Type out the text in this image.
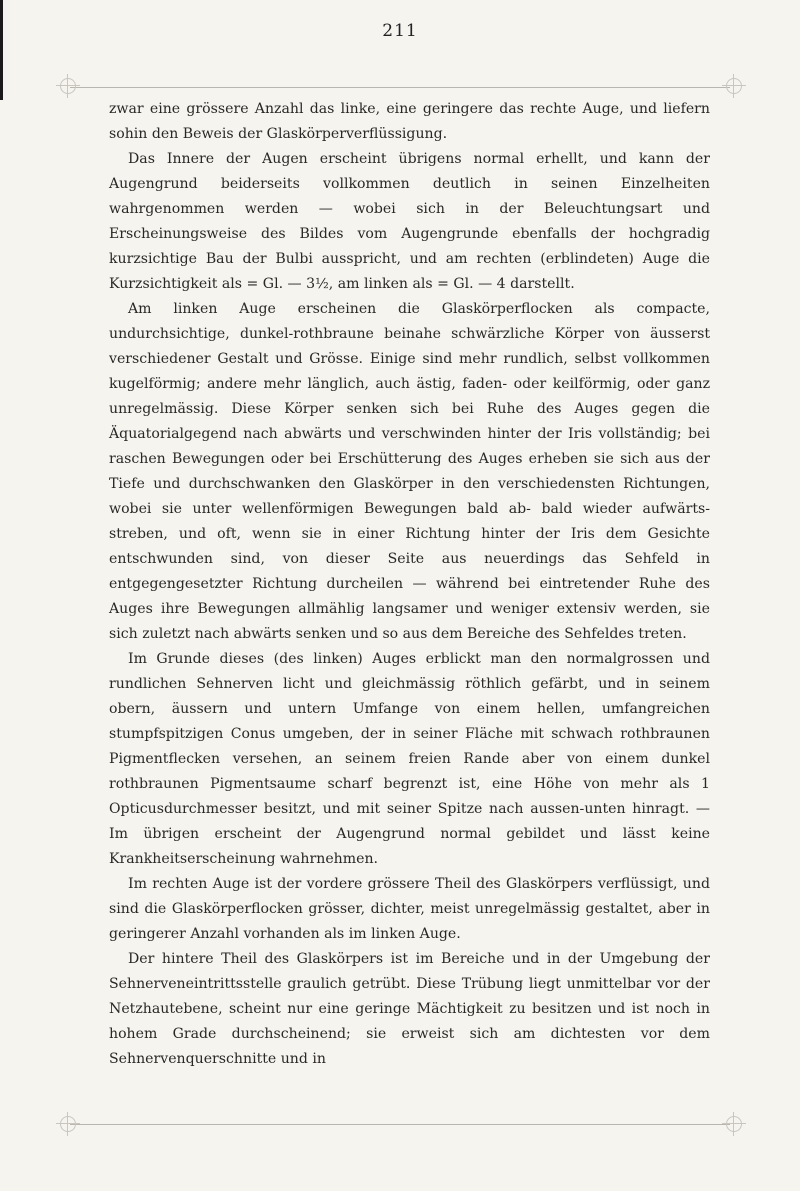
211

zwar eine grössere Anzahl das linke, eine geringere das rechte Auge, und liefern sohin den Beweis der Glaskörperverflüssigung.

Das Innere der Augen erscheint übrigens normal erhellt, und kann der Augengrund beiderseits vollkommen deutlich in seinen Einzelheiten wahrgenommen werden — wobei sich in der Beleuchtungsart und Erscheinungsweise des Bildes vom Augengrunde ebenfalls der hochgradig kurzsichtige Bau der Bulbi ausspricht, und am rechten (erblindeten) Auge die Kurzsichtigkeit als = Gl. — 3½, am linken als = Gl. — 4 darstellt.

Am linken Auge erscheinen die Glaskörperflocken als compacte, undurchsichtige, dunkel-rothbraune beinahe schwärzliche Körper von äusserst verschiedener Gestalt und Grösse. Einige sind mehr rundlich, selbst vollkommen kugelförmig; andere mehr länglich, auch ästig, faden- oder keilförmig, oder ganz unregelmässig. Diese Körper senken sich bei Ruhe des Auges gegen die Äquatorialgegend nach abwärts und verschwinden hinter der Iris vollständig; bei raschen Bewegungen oder bei Erschütterung des Auges erheben sie sich aus der Tiefe und durchschwanken den Glaskörper in den verschiedensten Richtungen, wobei sie unter wellenförmigen Bewegungen bald ab- bald wieder aufwärts-streben, und oft, wenn sie in einer Richtung hinter der Iris dem Gesichte entschwunden sind, von dieser Seite aus neuerdings das Sehfeld in entgegengesetzter Richtung durcheilen — während bei eintretender Ruhe des Auges ihre Bewegungen allmählig langsamer und weniger extensiv werden, sie sich zuletzt nach abwärts senken und so aus dem Bereiche des Sehfeldes treten.

Im Grunde dieses (des linken) Auges erblickt man den normalgrossen und rundlichen Sehnerven licht und gleichmässig röthlich gefärbt, und in seinem obern, äussern und untern Umfange von einem hellen, umfangreichen stumpfspitzigen Conus umgeben, der in seiner Fläche mit schwach rothbraunen Pigmentflecken versehen, an seinem freien Rande aber von einem dunkel rothbraunen Pigmentsaume scharf begrenzt ist, eine Höhe von mehr als 1 Opticusdurchmesser besitzt, und mit seiner Spitze nach aussen-unten hinragt. — Im übrigen erscheint der Augengrund normal gebildet und lässt keine Krankheitserscheinung wahrnehmen.

Im rechten Auge ist der vordere grössere Theil des Glaskörpers verflüssigt, und sind die Glaskörperflocken grösser, dichter, meist unregelmässig gestaltet, aber in geringerer Anzahl vorhanden als im linken Auge.

Der hintere Theil des Glaskörpers ist im Bereiche und in der Umgebung der Sehnerveneintrittsstelle graulich getrübt. Diese Trübung liegt unmittelbar vor der Netzhautebene, scheint nur eine geringe Mächtigkeit zu besitzen und ist noch in hohem Grade durchscheinend; sie erweist sich am dichtesten vor dem Sehnervenquerschnitte und in
